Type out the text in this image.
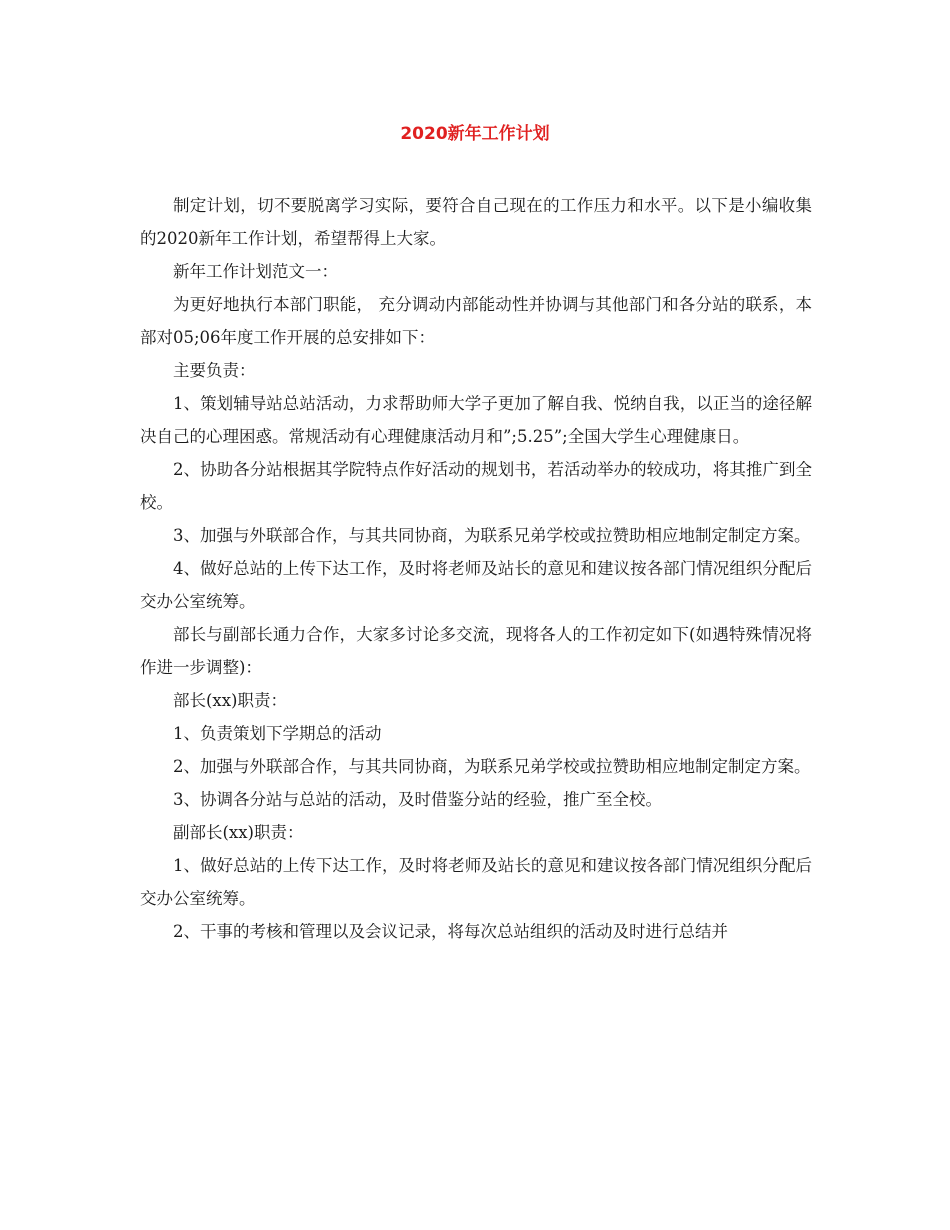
2020新年工作计划

制定计划，切不要脱离学习实际，要符合自己现在的工作压力和水平。以下是小编收集的2020新年工作计划，希望帮得上大家。

新年工作计划范文一：

为更好地执行本部门职能， 充分调动内部能动性并协调与其他部门和各分站的联系，本部对05;06年度工作开展的总安排如下：

主要负责：

1、策划辅导站总站活动，力求帮助师大学子更加了解自我、悦纳自我，以正当的途径解决自己的心理困惑。常规活动有心理健康活动月和”;5.25”;全国大学生心理健康日。

2、协助各分站根据其学院特点作好活动的规划书，若活动举办的较成功，将其推广到全校。

3、加强与外联部合作，与其共同协商，为联系兄弟学校或拉赞助相应地制定制定方案。

4、做好总站的上传下达工作，及时将老师及站长的意见和建议按各部门情况组织分配后交办公室统筹。

部长与副部长通力合作，大家多讨论多交流，现将各人的工作初定如下(如遇特殊情况将作进一步调整)：

部长(xx)职责：

1、负责策划下学期总的活动

2、加强与外联部合作，与其共同协商，为联系兄弟学校或拉赞助相应地制定制定方案。

3、协调各分站与总站的活动，及时借鉴分站的经验，推广至全校。

副部长(xx)职责：

1、做好总站的上传下达工作，及时将老师及站长的意见和建议按各部门情况组织分配后交办公室统筹。

2、干事的考核和管理以及会议记录，将每次总站组织的活动及时进行总结并
